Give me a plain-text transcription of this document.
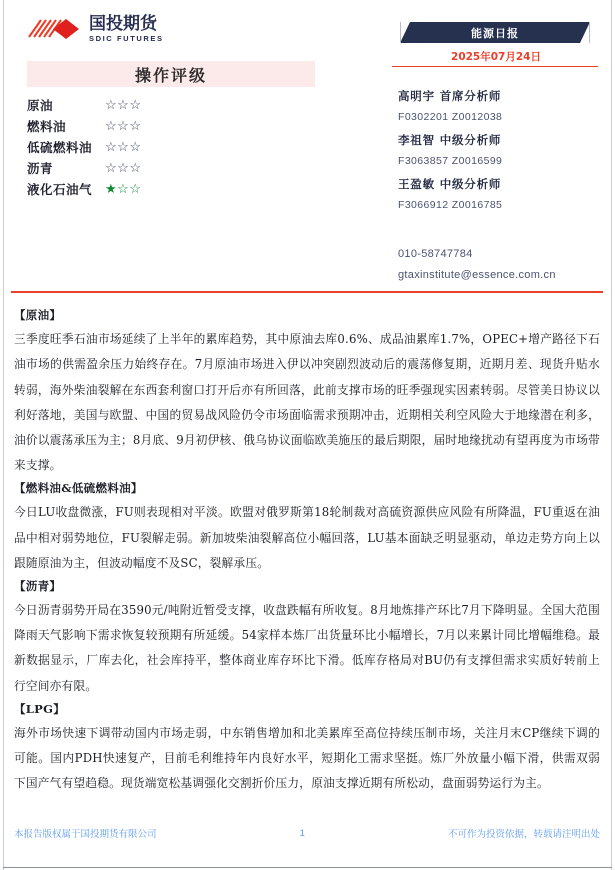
国投期货
SDIC FUTURES	能源日报
2025年07月24日
操作评级
原油	☆☆☆
燃料油	☆☆☆
低硫燃料油 ☆☆☆
沥青	☆☆☆
液化石油气 ★☆☆
高明宇 首席分析师
F0302201 Z0012038
李祖智 中级分析师
F3063857 Z0016599
王盈敏 中级分析师
F3066912 Z0016785
010-58747784
gtaxinstitute@essence.com.cn
【原油】
三季度旺季石油市场延续了上半年的累库趋势，其中原油去库0.6%、成品油累库1.7%，OPEC+增产路径下石油市场的供需盈余压力始终存在。7月原油市场进入伊以冲突剧烈波动后的震荡修复期，近期月差、现货升贴水转弱，海外柴油裂解在东西套利窗口打开后亦有所回落，此前支撑市场的旺季强现实因素转弱。尽管美日协议以利好落地，美国与欧盟、中国的贸易战风险仍令市场面临需求预期冲击，近期相关利空风险大于地缘潜在利多，油价以震荡承压为主；8月底、9月初伊核、俄乌协议面临欧美施压的最后期限，届时地缘扰动有望再度为市场带来支撑。
【燃料油&低硫燃料油】
今日LU收盘微涨，FU则表现相对平淡。欧盟对俄罗斯第18轮制裁对高硫资源供应风险有所降温，FU重返在油品中相对弱势地位，FU裂解走弱。新加坡柴油裂解高位小幅回落，LU基本面缺乏明显驱动，单边走势方向上以跟随原油为主，但波动幅度不及SC，裂解承压。
【沥青】
今日沥青弱势开局在3590元/吨附近暂受支撑，收盘跌幅有所收复。8月地炼排产环比7月下降明显。全国大范围降雨天气影响下需求恢复较预期有所延缓。54家样本炼厂出货量环比小幅增长，7月以来累计同比增幅维稳。最新数据显示，厂库去化，社会库持平，整体商业库存环比下滑。低库存格局对BU仍有支撑但需求实质好转前上行空间亦有限。
【LPG】
海外市场快速下调带动国内市场走弱，中东销售增加和北美累库至高位持续压制市场，关注月末CP继续下调的可能。国内PDH快速复产，目前毛利维持年内良好水平，短期化工需求坚挺。炼厂外放量小幅下滑，供需双弱下国产气有望趋稳。现货端宽松基调强化交割折价压力，原油支撑近期有所松动，盘面弱势运行为主。
本报告版权属于国投期货有限公司	1	不可作为投资依据，转载请注明出处
